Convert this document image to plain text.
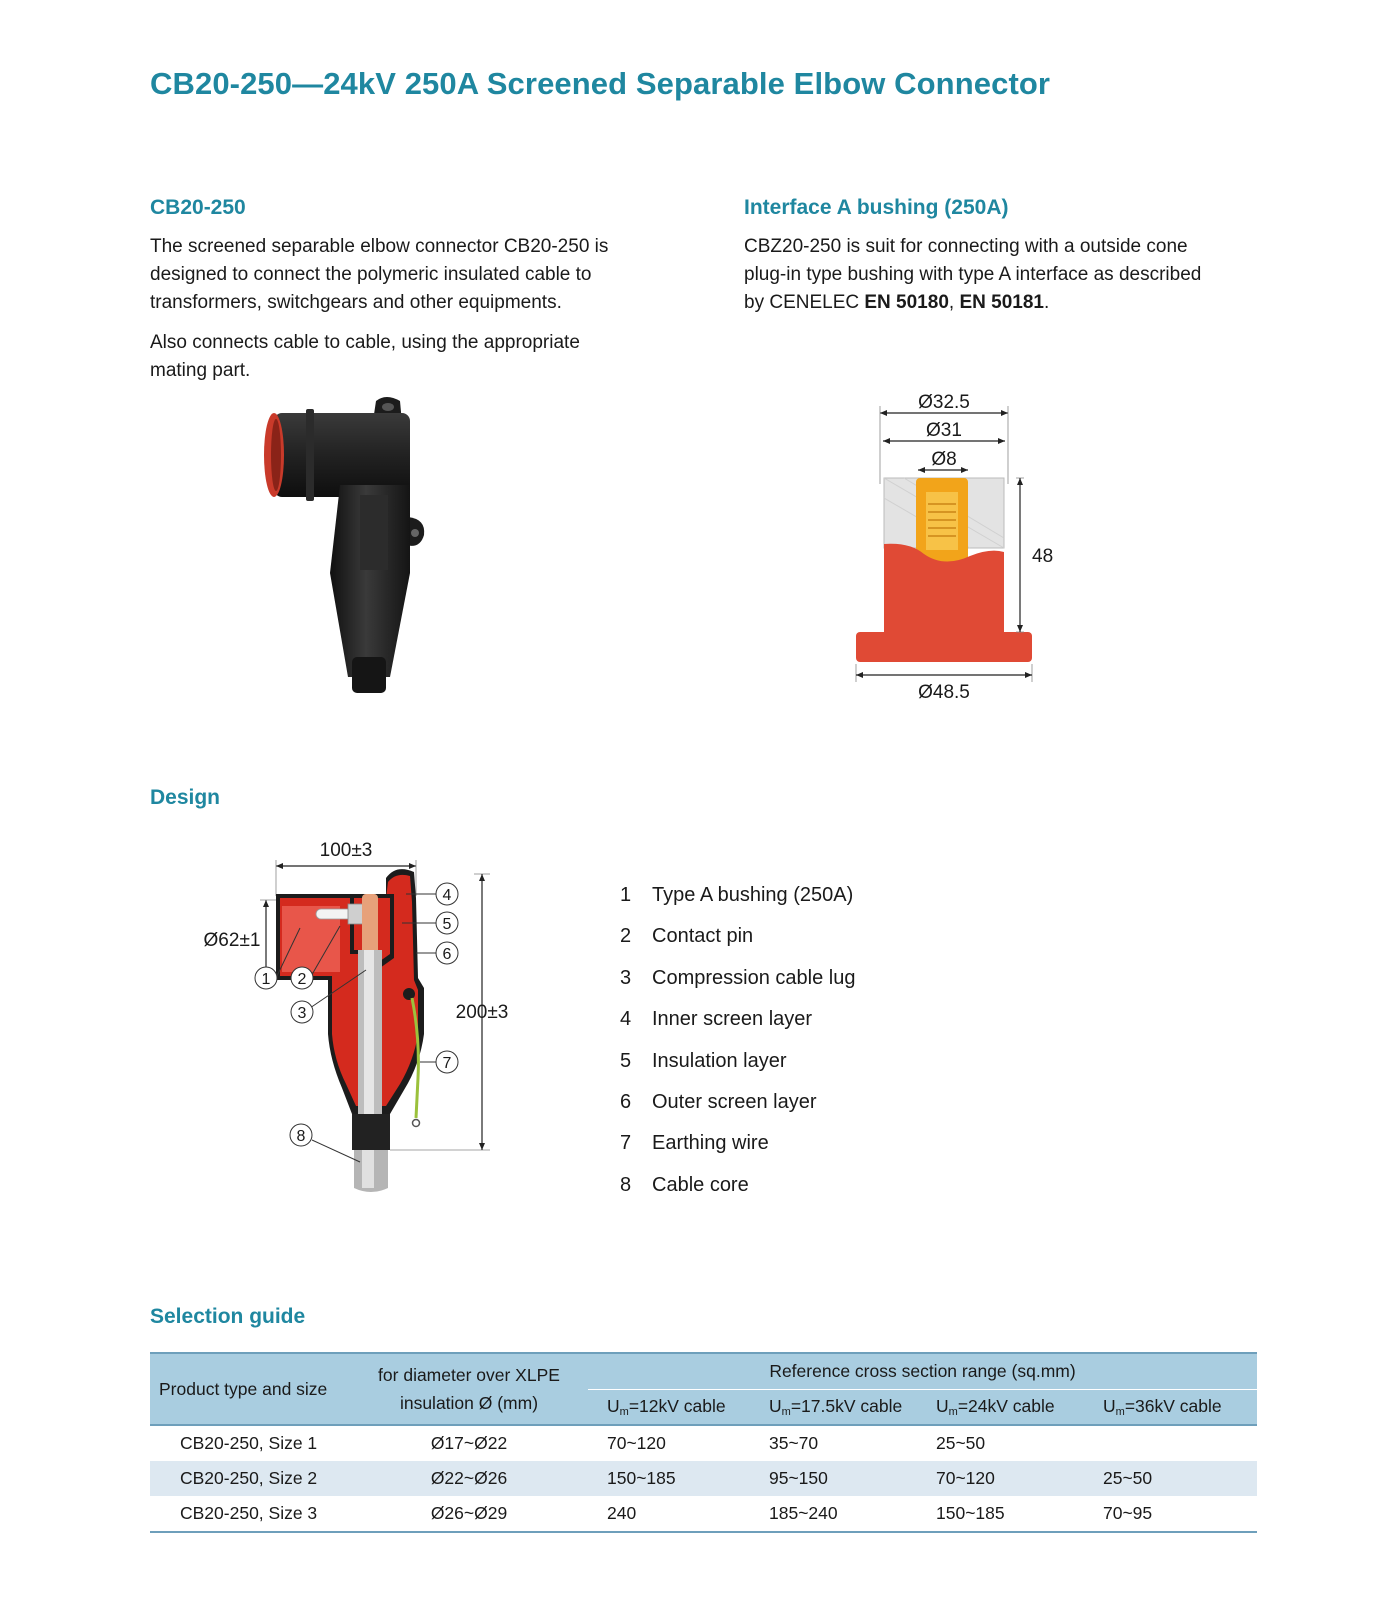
CB20-250—24kV 250A Screened Separable Elbow Connector
CB20-250

The screened separable elbow connector CB20-250 is designed to connect the polymeric insulated cable to transformers, switchgears and other equipments.

Also connects cable to cable, using the appropriate mating part.

Interface A bushing (250A)

CBZ20-250 is suit for connecting with a outside cone plug-in type bushing with type A interface as described by CENELEC EN 50180, EN 50181.

Ø32.5
Ø31
Ø8
48
Ø48.5
Design
100±3
Ø62±1
200±3
1 2
3
4
5
6
7
8
1 Type A bushing (250A)
2 Contact pin
3 Compression cable lug
4 Inner screen layer
5 Insulation layer
6 Outer screen layer
7 Earthing wire
8 Cable core
Selection guide
Product type and size	for diameter over XLPE insulation Ø (mm)	Reference cross section range (sq.mm)			
		$U_m=12kV$ cable	$U_m=17.5kV$ cable	$U_m=24kV$ cable	$U_m=36kV$ cable
CB20-250, Size 1	Ø17~Ø22	70~120	35~70	25~50	
CB20-250, Size 2	Ø22~Ø26	150~185	95~150	70~120	25~50
CB20-250, Size 3	Ø26~Ø29	240	185~240	150~185	70~95
